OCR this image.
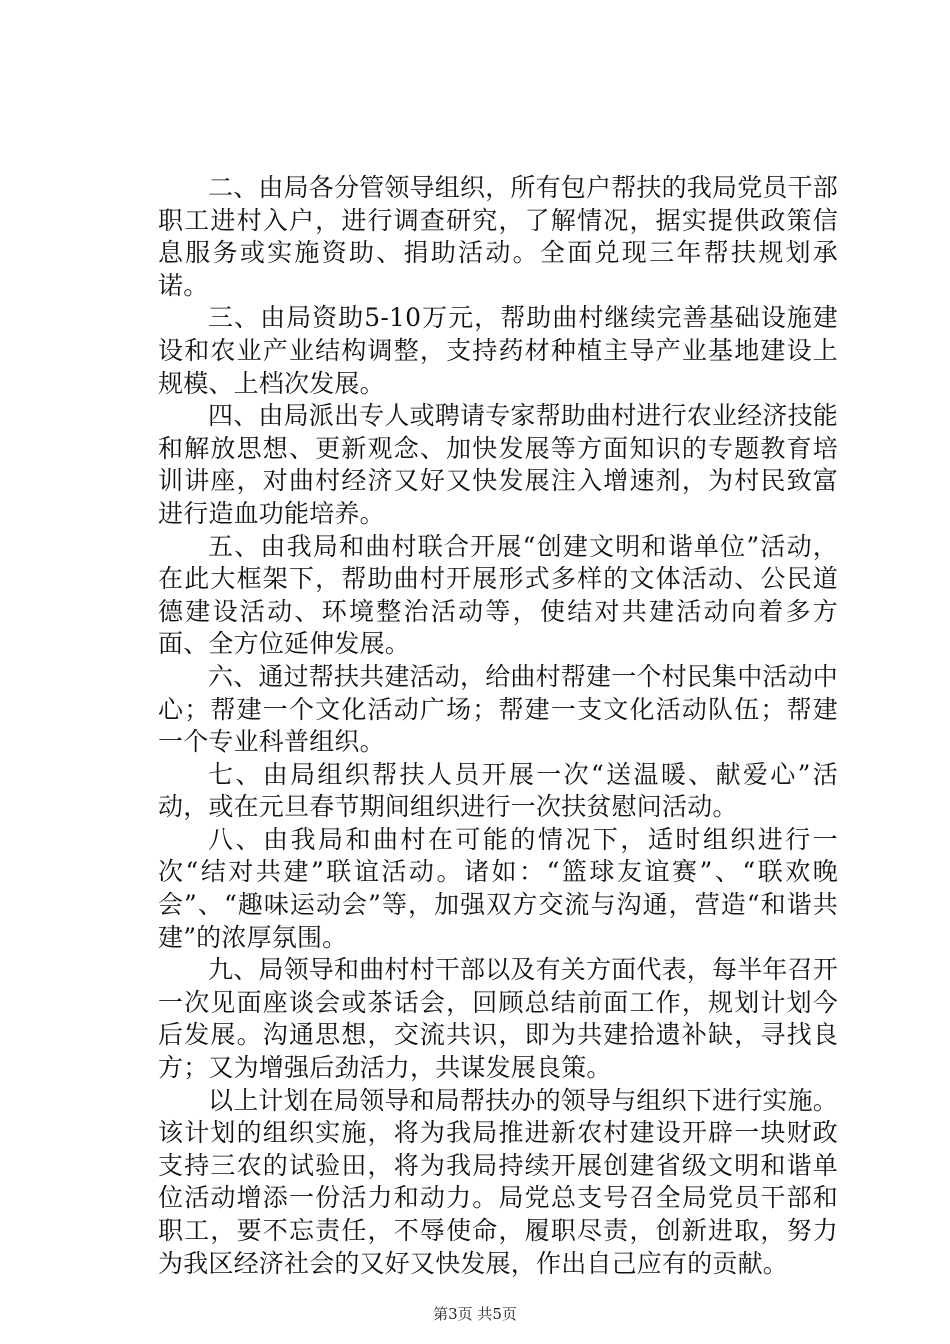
二、由局各分管领导组织，所有包户帮扶的我局党员干部职工进村入户，进行调查研究，了解情况，据实提供政策信息服务或实施资助、捐助活动。全面兑现三年帮扶规划承诺。

三、由局资助5-10万元，帮助曲村继续完善基础设施建设和农业产业结构调整，支持药材种植主导产业基地建设上规模、上档次发展。

四、由局派出专人或聘请专家帮助曲村进行农业经济技能和解放思想、更新观念、加快发展等方面知识的专题教育培训讲座，对曲村经济又好又快发展注入增速剂，为村民致富进行造血功能培养。

五、由我局和曲村联合开展“创建文明和谐单位”活动，在此大框架下，帮助曲村开展形式多样的文体活动、公民道德建设活动、环境整治活动等，使结对共建活动向着多方面、全方位延伸发展。

六、通过帮扶共建活动，给曲村帮建一个村民集中活动中心；帮建一个文化活动广场；帮建一支文化活动队伍；帮建一个专业科普组织。

七、由局组织帮扶人员开展一次“送温暖、献爱心”活动，或在元旦春节期间组织进行一次扶贫慰问活动。

八、由我局和曲村在可能的情况下，适时组织进行一次“结对共建”联谊活动。诸如：“篮球友谊赛”、“联欢晚会”、“趣味运动会”等，加强双方交流与沟通，营造“和谐共建”的浓厚氛围。

九、局领导和曲村村干部以及有关方面代表，每半年召开一次见面座谈会或茶话会，回顾总结前面工作，规划计划今后发展。沟通思想，交流共识，即为共建拾遗补缺，寻找良方；又为增强后劲活力，共谋发展良策。

以上计划在局领导和局帮扶办的领导与组织下进行实施。该计划的组织实施，将为我局推进新农村建设开辟一块财政支持三农的试验田，将为我局持续开展创建省级文明和谐单位活动增添一份活力和动力。局党总支号召全局党员干部和职工，要不忘责任，不辱使命，履职尽责，创新进取，努力为我区经济社会的又好又快发展，作出自己应有的贡献。

第3页 共5页
